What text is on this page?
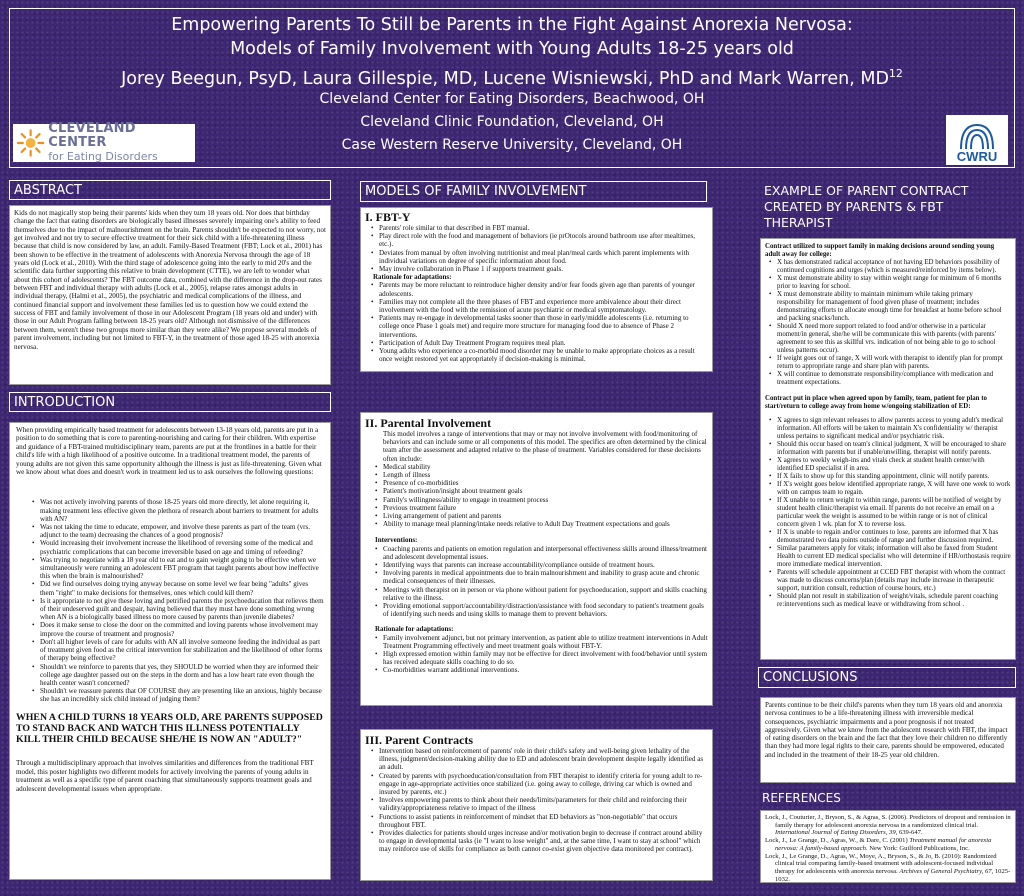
Empowering Parents To Still be Parents in the Fight Against Anorexia Nervosa:
Models of Family Involvement with Young Adults 18-25 years old
Jorey Beegun, PsyD, Laura Gillespie, MD, Lucene Wisniewski, PhD and Mark Warren, MD$^{12}$
Cleveland Center for Eating Disorders, Beachwood, OH
Cleveland Clinic Foundation, Cleveland, OH
Case Western Reserve University, Cleveland, OH
CLEVELAND CENTER
for Eating Disorders	CWRU
ABSTRACT
Kids do not magically stop being their parents' kids when they turn 18 years old. Nor does that birthday change the fact that eating disorders are biologically based illnesses severely impairing one's ability to feed themselves due to the impact of malnourishment on the brain. Parents shouldn't be expected to not worry, not get involved and not try to secure effective treatment for their sick child with a life-threatening illness because that child is now considered by law, an adult. Family-Based Treatment (FBT; Lock et al., 2001) has been shown to be effective in the treatment of adolescents with Anorexia Nervosa through the age of 18 years old (Lock et al., 2010). With the third stage of adolescence going into the early to mid 20's and the scientific data further supporting this relative to brain development (CTTE), we are left to wonder what about this cohort of adolescents? The FBT outcome data, combined with the difference in the drop-out rates between FBT and individual therapy with adults (Lock et al., 2005), relapse rates amongst adults in individual therapy, (Halmi et al., 2005), the psychiatric and medical complications of the illness, and continued financial support and involvement these families led us to question how we could extend the success of FBT and family involvement of those in our Adolescent Program (18 years old and under) with those in our Adult Program falling between 18-25 years old? Although not dismissive of the differences between them, weren't these two groups more similar than they were alike? We propose several models of parent involvement, including but not limited to FBT-Y, in the treatment of those aged 18-25 with anorexia nervosa.
INTRODUCTION
When providing empirically based treatment for adolescents between 13-18 years old, parents are put in a position to do something that is core to parenting-nourishing and caring for their children. With expertise and guidance of a FBT-trained multidisciplinary team, parents are put at the frontlines in a battle for their child's life with a high likelihood of a positive outcome. In a traditional treatment model, the parents of young adults are not given this same opportunity although the illness is just as life-threatening. Given what we know about what does and doesn't work in treatment led us to ask ourselves the following questions:
• Was not actively involving parents of those 18-25 years old more directly, let alone requiring it, making treatment less effective given the plethora of research about barriers to treatment for adults with AN?
• Was not taking the time to educate, empower, and involve these parents as part of the team (vrs. adjunct to the team) decreasing the chances of a good prognosis?
• Would increasing their involvement increase the likelihood of reversing some of the medical and psychiatric complications that can become irreversible based on age and timing of refeeding?
• Was trying to negotiate with a 18 year old to eat and to gain weight going to be effective when we simultaneously were running an adolescent FBT program that taught parents about how ineffective this when the brain is malnourished?
• Did we find ourselves doing trying anyway because on some level we fear being "adults" gives them "right" to make decisions for themselves, ones which could kill them?
• Is it appropriate to not give these loving and petrified parents the psychoeducation that relieves them of their undeserved guilt and despair, having believed that they must have done something wrong when AN is a biologically based illness no more caused by parents than juvenile diabetes?
• Does it make sense to close the door on the committed and loving parents whose involvement may improve the course of treatment and prognosis?
• Don't all higher levels of care for adults with AN all involve someone feeding the individual as part of treatment given food as the critical intervention for stabilization and the likelihood of other forms of therapy being effective?
• Shouldn't we reinforce to parents that yes, they SHOULD be worried when they are informed their college age daughter passed out on the steps in the dorm and has a low heart rate even though the health center wasn't concerned?
• Shouldn't we reassure parents that OF COURSE they are presenting like an anxious, highly because she has an incredibly sick child instead of judging them?
WHEN A CHILD TURNS 18 YEARS OLD, ARE PARENTS SUPPOSED TO STAND BACK AND WATCH THIS ILLNESS POTENTIALLY KILL THEIR CHILD BECAUSE SHE/HE IS NOW AN "ADULT?"
Through a multidisciplinary approach that involves similarities and differences from the traditional FBT model, this poster highlights two different models for actively involving the parents of young adults in treatment as well as a specific type of parent coaching that simultaneously supports treatment goals and adolescent developmental issues when appropriate.
MODELS OF FAMILY INVOLVEMENT
I. FBT-Y
• Parents' role similar to that described in FBT manual.
• Play direct role with the food and management of behaviors (ie prOtocols around bathroom use after mealtimes, etc.).
• Deviates from manual by often involving nutritionist and meal plan/meal cards which parent implements with individual variations on degree of specific information about food.
• May involve collaboration in Phase 1 if supports treatment goals.
Rationale for adaptations:
• Parents may be more reluctant to reintroduce higher density and/or fear foods given age than parents of younger adolescents.
• Families may not complete all the three phases of FBT and experience more ambivalence about their direct involvement with the food with the remission of acute psychiatric or medical symptomatology.
• Patients may re-engage in developmental tasks sooner than those in early/middle adolescents (i.e. returning to college once Phase 1 goals met) and require more structure for managing food due to absence of Phase 2 interventions.
• Participation of Adult Day Treatment Program requires meal plan.
• Young adults who experience a co-morbid mood disorder may be unable to make appropriate choices as a result once weight restored yet eat appropriately if decision-making is minimal.
II. Parental Involvement
This model involves a range of interventions that may or may not involve involvement with food/monitoring of behaviors and can include some or all components of this model. The specifics are often determined by the clinical team after the assessment and adapted relative to the phase of treatment. Variables considered for these decisions often include:
• Medical stability
• Length of illness
• Presence of co-morbidities
• Patient's motivation/insight about treatment goals
• Family's willingness/ability to engage in treatment process
• Previous treatment failure
• Living arrangement of patient and parents
• Ability to manage meal planning/intake needs relative to Adult Day Treatment expectations and goals
Interventions:
• Coaching parents and patients on emotion regulation and interpersonal effectiveness skills around illness/treatment and adolescent developmental issues.
• Identifying ways that parents can increase accountability/compliance outside of treatment hours.
• Involving parents in medical appointments due to brain malnourishment and inability to grasp acute and chronic medical consequences of their illnesses.
• Meetings with therapist on in person or via phone without patient for psychoeducation, support and skills coaching relative to the illness.
• Providing emotional support/accountability/distraction/assistance with food secondary to patient's treatment goals of identifying such needs and using skills to manage them to prevent behaviors.
Rationale for adaptations:
• Family involvement adjunct, but not primary intervention, as patient able to utilize treatment interventions in Adult Treatment Programming effectively and meet treatment goals without FBT-Y.
• High expressed emotion within family may not be effective for direct involvement with food/behavior until system has received adequate skills coaching to do so.
• Co-morbidities warrant additional interventions.
III. Parent Contracts
• Intervention based on reinforcement of parents' role in their child's safety and well-being given lethality of the illness, judgment/decision-making ability due to ED and adolescent brain development despite legally identified as an adult.
• Created by parents with psychoeducation/consultation from FBT therapist to identify criteria for young adult to re-engage in age-appropriate activities once stabilized (i.e. going away to college, driving car which is owned and insured by parents, etc.)
• Involves empowering parents to think about their needs/limits/parameters for their child and reinforcing their validity/appropriateness relative to impact of the illness
• Functions to assist patients in reinforcement of mindset that ED behaviors as "non-negotiable" that occurs throughout FBT.
• Provides dialectics for patients should urges increase and/or motivation begin to decrease if contract around ability to engage in developmental tasks (ie "I want to lose weight" and, at the same time, I want to stay at school" which may reinforce use of skills for compliance as both cannot co-exist given objective data monitored per contract).
EXAMPLE OF PARENT CONTRACT CREATED BY PARENTS & FBT THERAPIST
Contract utilized to support family in making decisions around sending young adult away for college:
• X has demonstrated radical acceptance of not having ED behaviors possibility of continued cognitions and urges (which is measured/reinforced by items below).
• X must demonstrate ability to stay within weight range for minimum of 6 months prior to leaving for school.
• X must demonstrate ability to maintain minimum while taking primary responsibility for management of food given phase of treatment; includes demonstrating efforts to allocate enough time for breakfast at home before school and packing snacks/lunch.
• Should X need more support related to food and/or otherwise in a particular moment/in general, she/he will be communicate this with parents (with parents' agreement to see this as skillful vrs. indication of not being able to go to school unless patterns occur).
• If weight goes out of range, X will work with therapist to identify plan for prompt return to appropriate range and share plan with parents.
• X will continue to demonstrate responsibility/compliance with medication and treatment expectations.
Contract put in place when agreed upon by family, team, patient for plan to start/return to college away from home w/ongoing stabilization of ED:
• X agrees to sign relevant releases to allow parents access to young adult's medical information. All efforts will be taken to maintain X's confidentiality w/ therapist unless pertains to significant medical and/or psychiatric risk.
• Should this occur based on team's clinical judgment, X will be encouraged to share information with parents but if unable/unwilling, therapist will notify parents.
• X agrees to weekly weigh-ins and vitals check at student health center/with identified ED specialist if in area.
• If X fails to show up for this standing appointment, clinic will notify parents.
• If X's weight goes below identified appropriate range, X will have one week to work with on campus team to regain.
• If X unable to return weight to within range, parents will be notified of weight by student health clinic/therapist via email. If parents do not receive an email on a particular week the weight is assumed to be within range or is not of clinical concern given 1 wk. plan for X to reverse loss.
• If X is unable to regain and/or continues to lose, parents are informed that X has demonstrated two data points outside of range and further discussion required.
• Similar parameters apply for vitals; information will also be faxed from Student Health to current ED medical specialist who will determine if HR/orthostasis require more immediate medical intervention.
• Parents will schedule appointment at CCED FBT therapist with whom the contract was made to discuss concerns/plan (details may include increase in therapeutic support, nutrition consult, reduction of course hours, etc.)
• Should plan not result in stabilization of weight/vitals, schedule parent coaching re:interventions such as medical leave or withdrawing from school .
CONCLUSIONS
Parents continue to be their child's parents when they turn 18 years old and anorexia nervosa continues to be a life-threatening illness with irreversible medical consequences, psychiatric impairments and a poor prognosis if not treated aggressively. Given what we know from the adolescent research with FBT, the impact of eating disorders on the brain and the fact that they love their children no differently than they had more legal rights to their care, parents should be empowered, educated and included in the treatment of their 18-25 year old children.
REFERENCES
Lock, J., Couturier, J., Bryson, S., & Agras, S. (2006). Predictors of dropout and remission in family therapy for adolescent anorexia nervosa in a randomized clinical trial. International Journal of Eating Disorders, 39, 639-647.
Lock, J., Le Grange, D., Agras, W., & Dare, C. (2001) Treatment manual for anorexia nervosa: A family-based approach. New York: Guilford Publications, Inc.
Lock, J., Le Grange, D., Agras, W., Moye, A., Bryson, S., & Jo, B. (2010): Randomized clinical trial comparing family-based treatment with adolescent-focused individual therapy for adolescents with anorexia nervosa. Archives of General Psychiatry, 67, 1025-1032.
